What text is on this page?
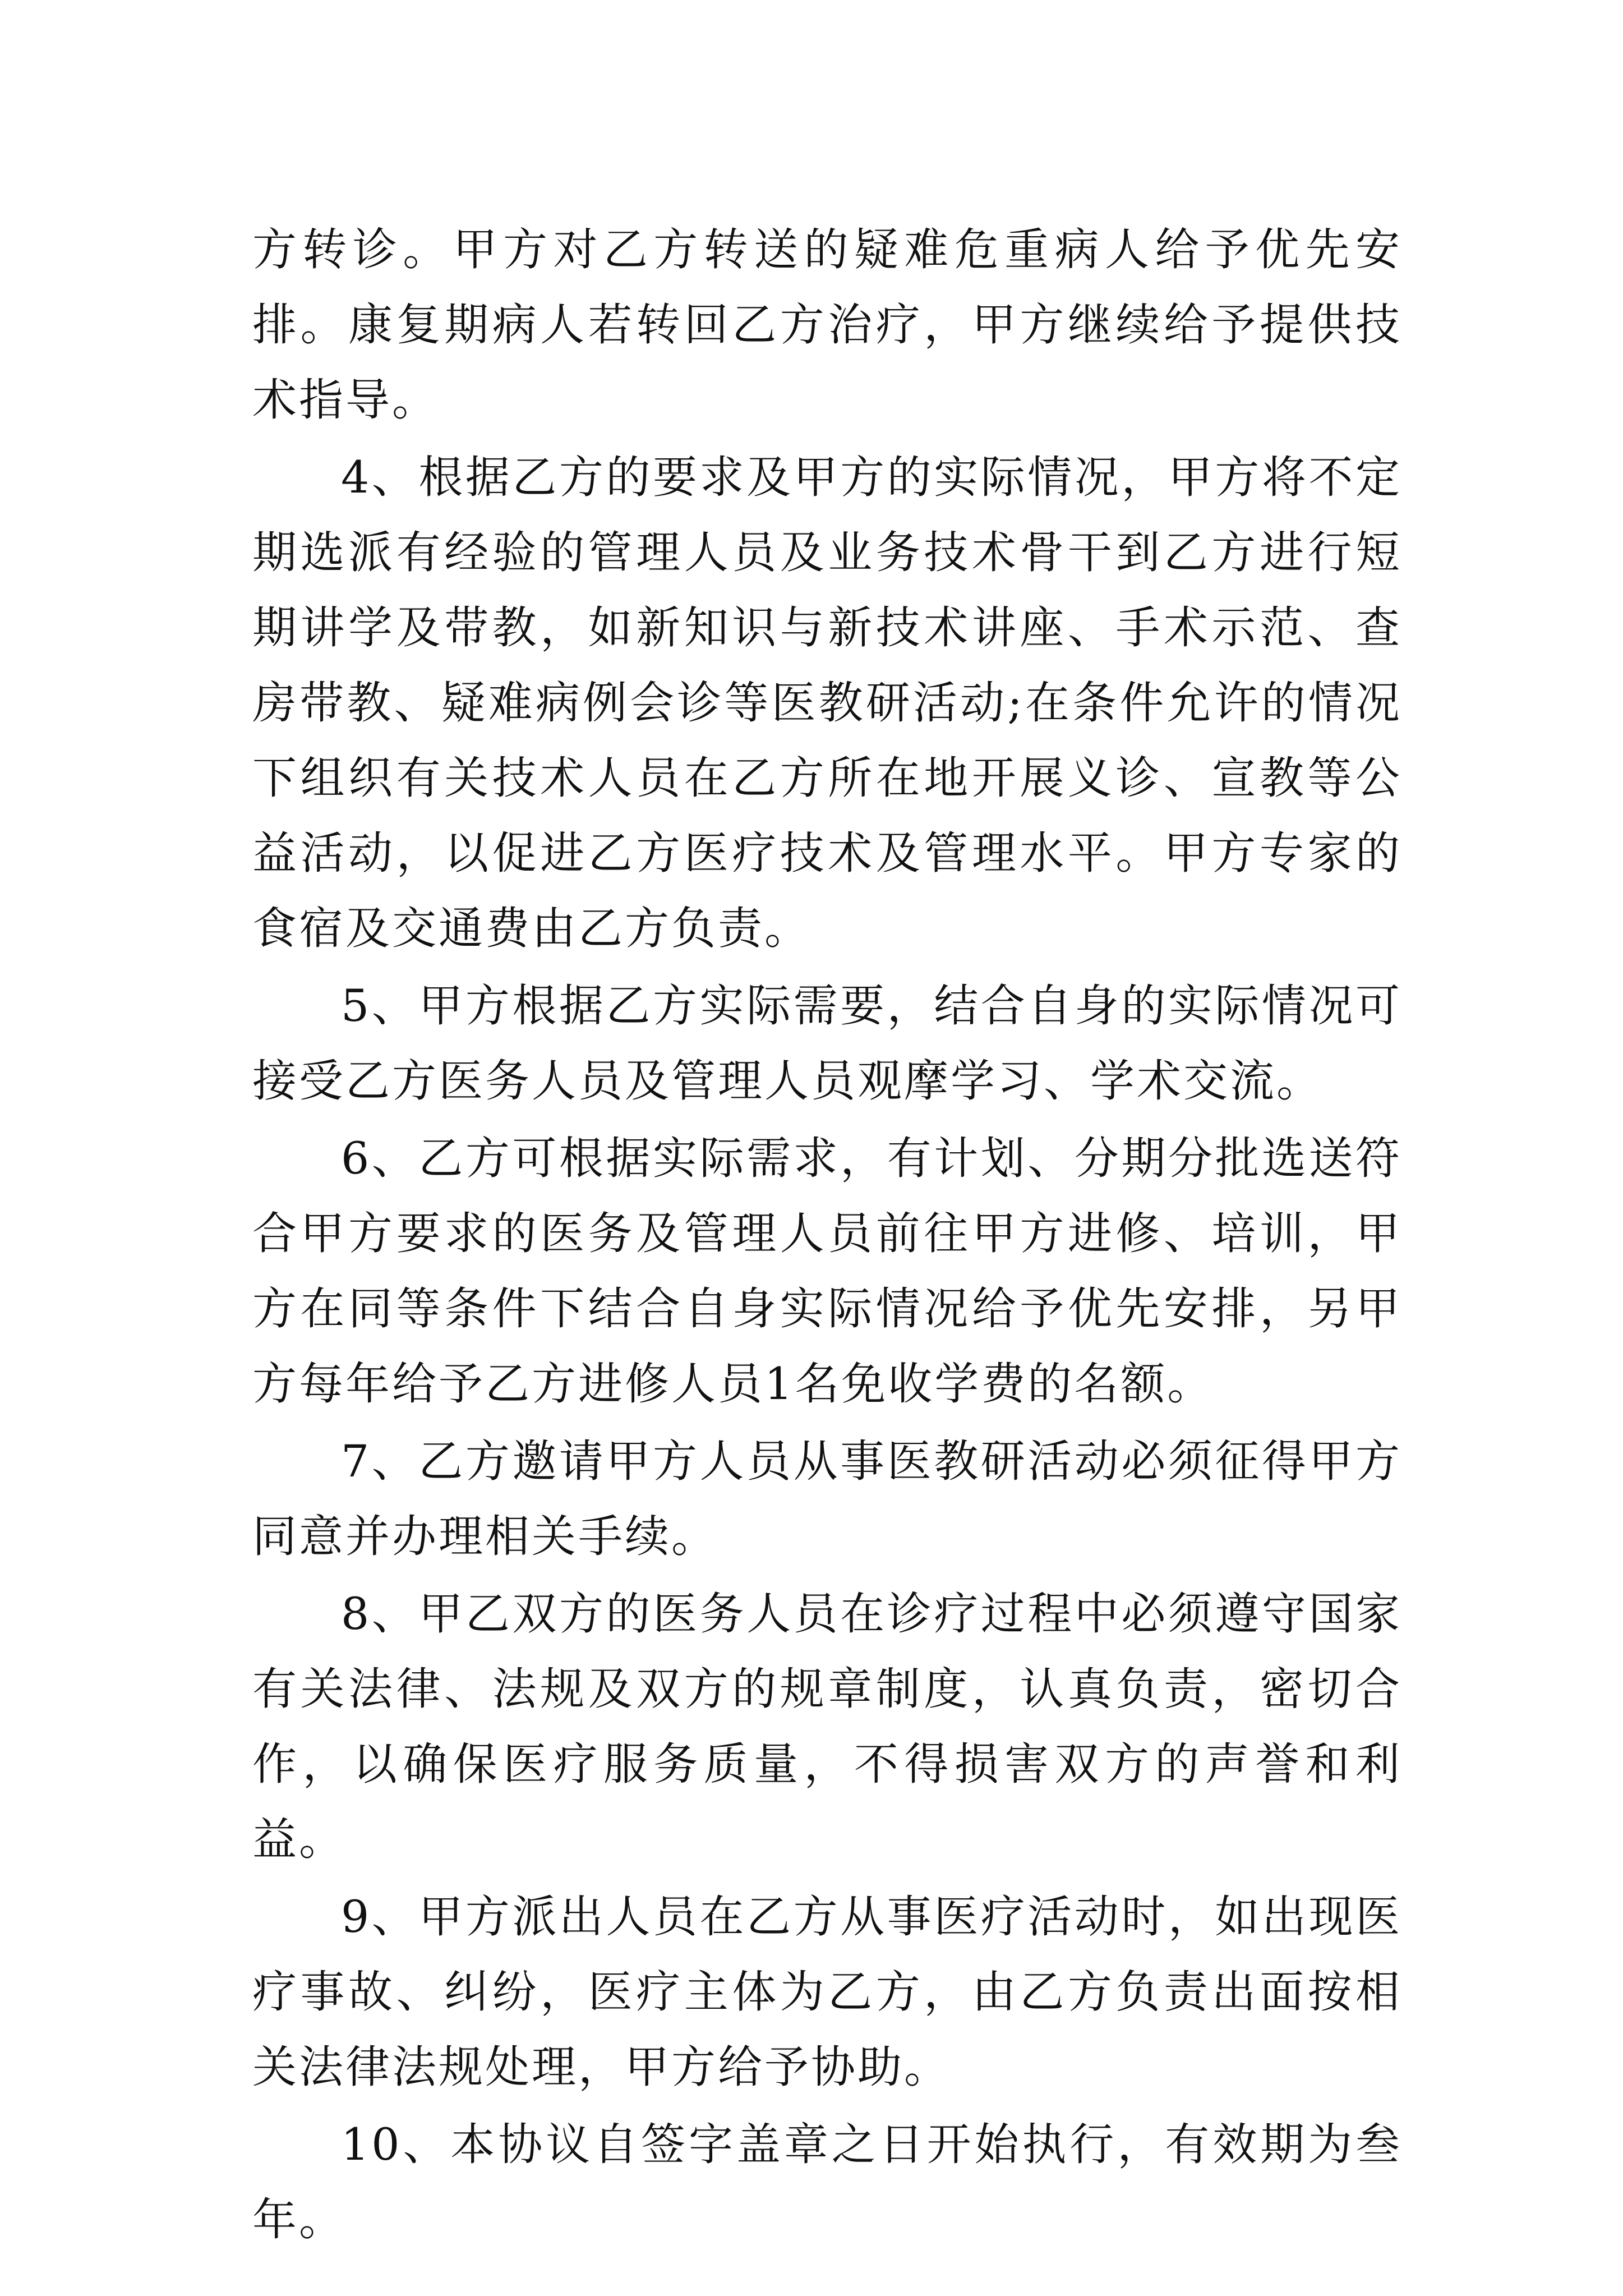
方转诊。甲方对乙方转送的疑难危重病人给予优先安排。康复期病人若转回乙方治疗，甲方继续给予提供技术指导。

4、根据乙方的要求及甲方的实际情况，甲方将不定期选派有经验的管理人员及业务技术骨干到乙方进行短期讲学及带教，如新知识与新技术讲座、手术示范、查房带教、疑难病例会诊等医教研活动;在条件允许的情况下组织有关技术人员在乙方所在地开展义诊、宣教等公益活动，以促进乙方医疗技术及管理水平。甲方专家的食宿及交通费由乙方负责。

5、甲方根据乙方实际需要，结合自身的实际情况可接受乙方医务人员及管理人员观摩学习、学术交流。

6、乙方可根据实际需求，有计划、分期分批选送符合甲方要求的医务及管理人员前往甲方进修、培训，甲方在同等条件下结合自身实际情况给予优先安排，另甲方每年给予乙方进修人员1名免收学费的名额。

7、乙方邀请甲方人员从事医教研活动必须征得甲方同意并办理相关手续。

8、甲乙双方的医务人员在诊疗过程中必须遵守国家有关法律、法规及双方的规章制度，认真负责，密切合作，以确保医疗服务质量，不得损害双方的声誉和利益。

9、甲方派出人员在乙方从事医疗活动时，如出现医疗事故、纠纷，医疗主体为乙方，由乙方负责出面按相关法律法规处理，甲方给予协助。

10、本协议自签字盖章之日开始执行，有效期为叁年。
